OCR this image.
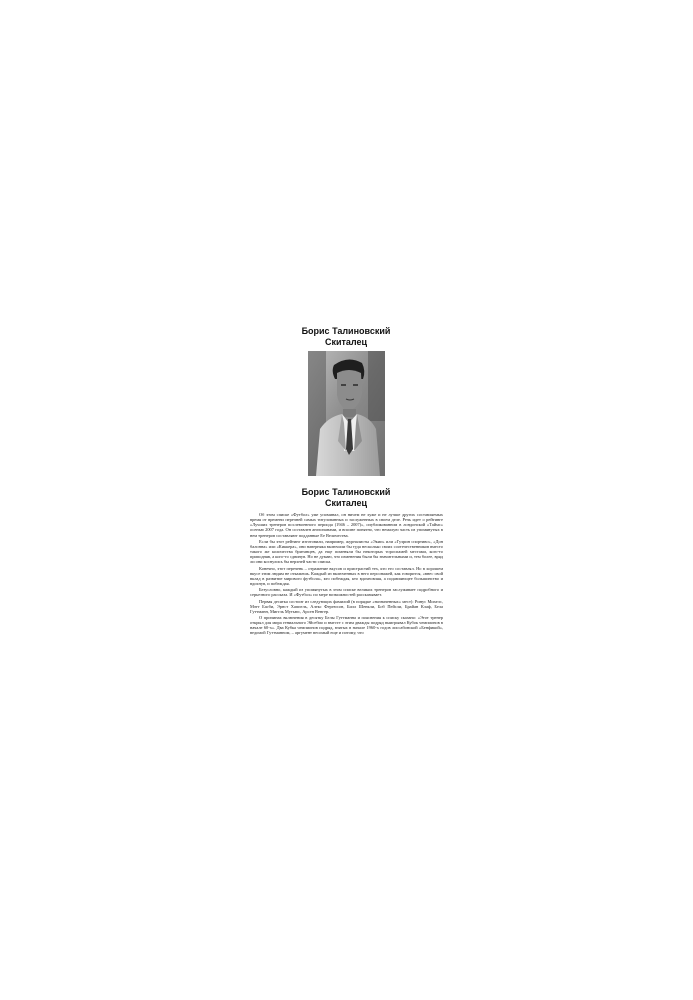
Борис Талиновский
Скиталец
Борис Талиновский
Скиталец

Об этом списке «Футбол» уже упоминал, он ничем не хуже и не лучше других составляемых время от времени перечней самых титулованных и заслуженных в своем деле. Речь идет о рейтинге «Лучших тренеров послевоенного периода (1946 – 2007)», опубликованном в лондонской «Таймс» осенью 2007 года. Он составлен англичанами, и вполне понятно, что немалую часть из упомянутых в нем тренеров составляют подданные Ее Величества.

Если бы этот рейтинг изготовили, например, журналисты «Экип» или «Гуэрин спортиво», «Дон балонна» или «Киккера», они наверняка включили бы туда несколько своих соотечественников вместо такого же количества британцев, да еще поменяли бы некоторых тороспамей местами, кого-то приподняв, а кого-то сдвинув. Но не думаю, что изменения были бы значительными и, тем более, вряд ли они коснулись бы верхней части списка.

Конечно, этот перечень – отражение вкусов и пристрастий тех, кто его составлял. Но в хорошем вкусе этим людям не откажешь. Каждый из включенных в него персонажей, как говорится, «внес свой вклад в развитие мирового футбола», кто побеждая, кто вдохновляя, а подавляющее большинство и вдохнув, и побеждая.

Безусловно, каждый из упомянутых в этом списке великих тренеров заслуживает подробного и серьезного рассказа. И «Футбол» по мере возможностей рассказывает.

Первая десятка состоит из следующих фамилий (в порядке «назначенных» мест): Ринус Михелс, Мэтт Басби, Эрнст Хаппель, Алекс Фергюсон, Билл Шенкли, Боб Пейсли, Брайан Клаф, Бела Гуттманн, Миггль Мутьюс, Арсен Венгер.

О причинах включения в десятку Белы Гуттманна и пояснения к списку сказано: «Этот тренер открыл для мира гениального Эйсебио и вместе с этим дважды подряд выигрывал Кубок чемпионов в начале 60-х». Два Кубка чемпионов подряд, взятых в начале 1960-х годов лиссабонской «Бенфикой», ведомой Гуттманном, – аргумент весомый еще и потому, что
